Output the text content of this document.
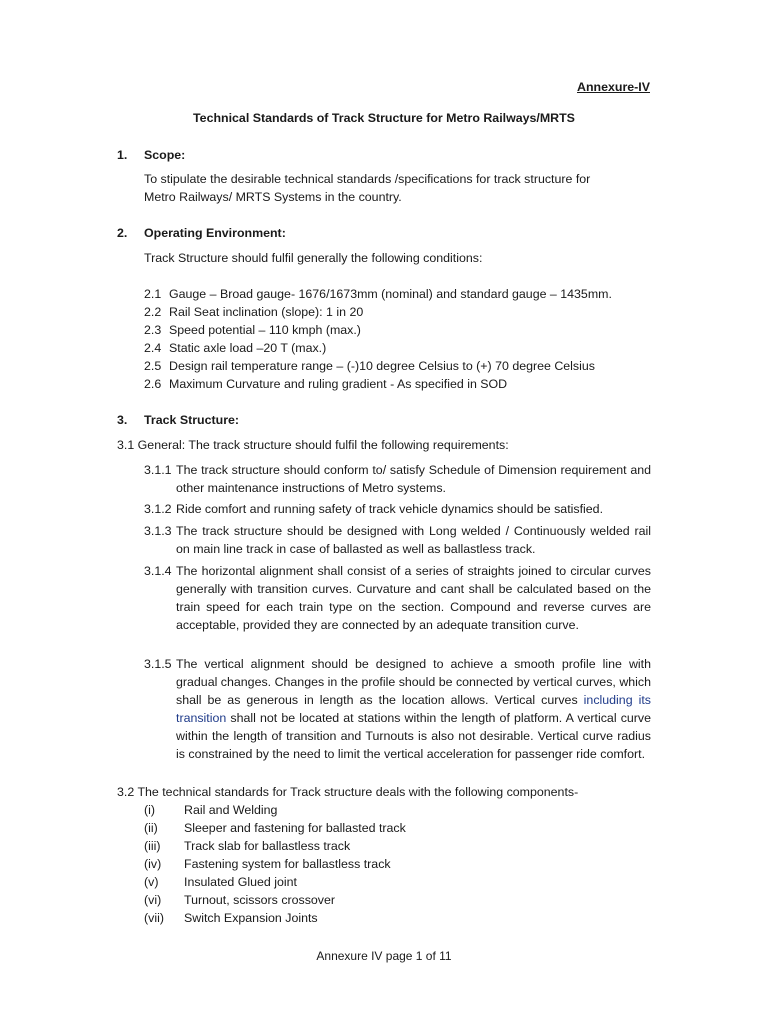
Annexure-IV
Technical Standards of Track Structure for Metro Railways/MRTS
1. Scope:
To stipulate the desirable technical standards /specifications for track structure for Metro Railways/ MRTS Systems in the country.
2. Operating Environment:
Track Structure should fulfil generally the following conditions:
2.1 Gauge – Broad gauge- 1676/1673mm (nominal) and standard gauge – 1435mm.
2.2 Rail Seat inclination (slope): 1 in 20
2.3 Speed potential – 110 kmph (max.)
2.4 Static axle load –20 T (max.)
2.5 Design rail temperature range – (-)10 degree Celsius to (+) 70 degree Celsius
2.6 Maximum Curvature and ruling gradient - As specified in SOD
3. Track Structure:
3.1 General: The track structure should fulfil the following requirements:
3.1.1 The track structure should conform to/ satisfy Schedule of Dimension requirement and other maintenance instructions of Metro systems.
3.1.2 Ride comfort and running safety of track vehicle dynamics should be satisfied.
3.1.3 The track structure should be designed with Long welded / Continuously welded rail on main line track in case of ballasted as well as ballastless track.
3.1.4 The horizontal alignment shall consist of a series of straights joined to circular curves generally with transition curves. Curvature and cant shall be calculated based on the train speed for each train type on the section. Compound and reverse curves are acceptable, provided they are connected by an adequate transition curve.
3.1.5 The vertical alignment should be designed to achieve a smooth profile line with gradual changes. Changes in the profile should be connected by vertical curves, which shall be as generous in length as the location allows. Vertical curves including its transition shall not be located at stations within the length of platform. A vertical curve within the length of transition and Turnouts is also not desirable. Vertical curve radius is constrained by the need to limit the vertical acceleration for passenger ride comfort.
3.2 The technical standards for Track structure deals with the following components-
(i) Rail and Welding
(ii) Sleeper and fastening for ballasted track
(iii) Track slab for ballastless track
(iv) Fastening system for ballastless track
(v) Insulated Glued joint
(vi) Turnout, scissors crossover
(vii) Switch Expansion Joints
Annexure IV page 1 of 11
